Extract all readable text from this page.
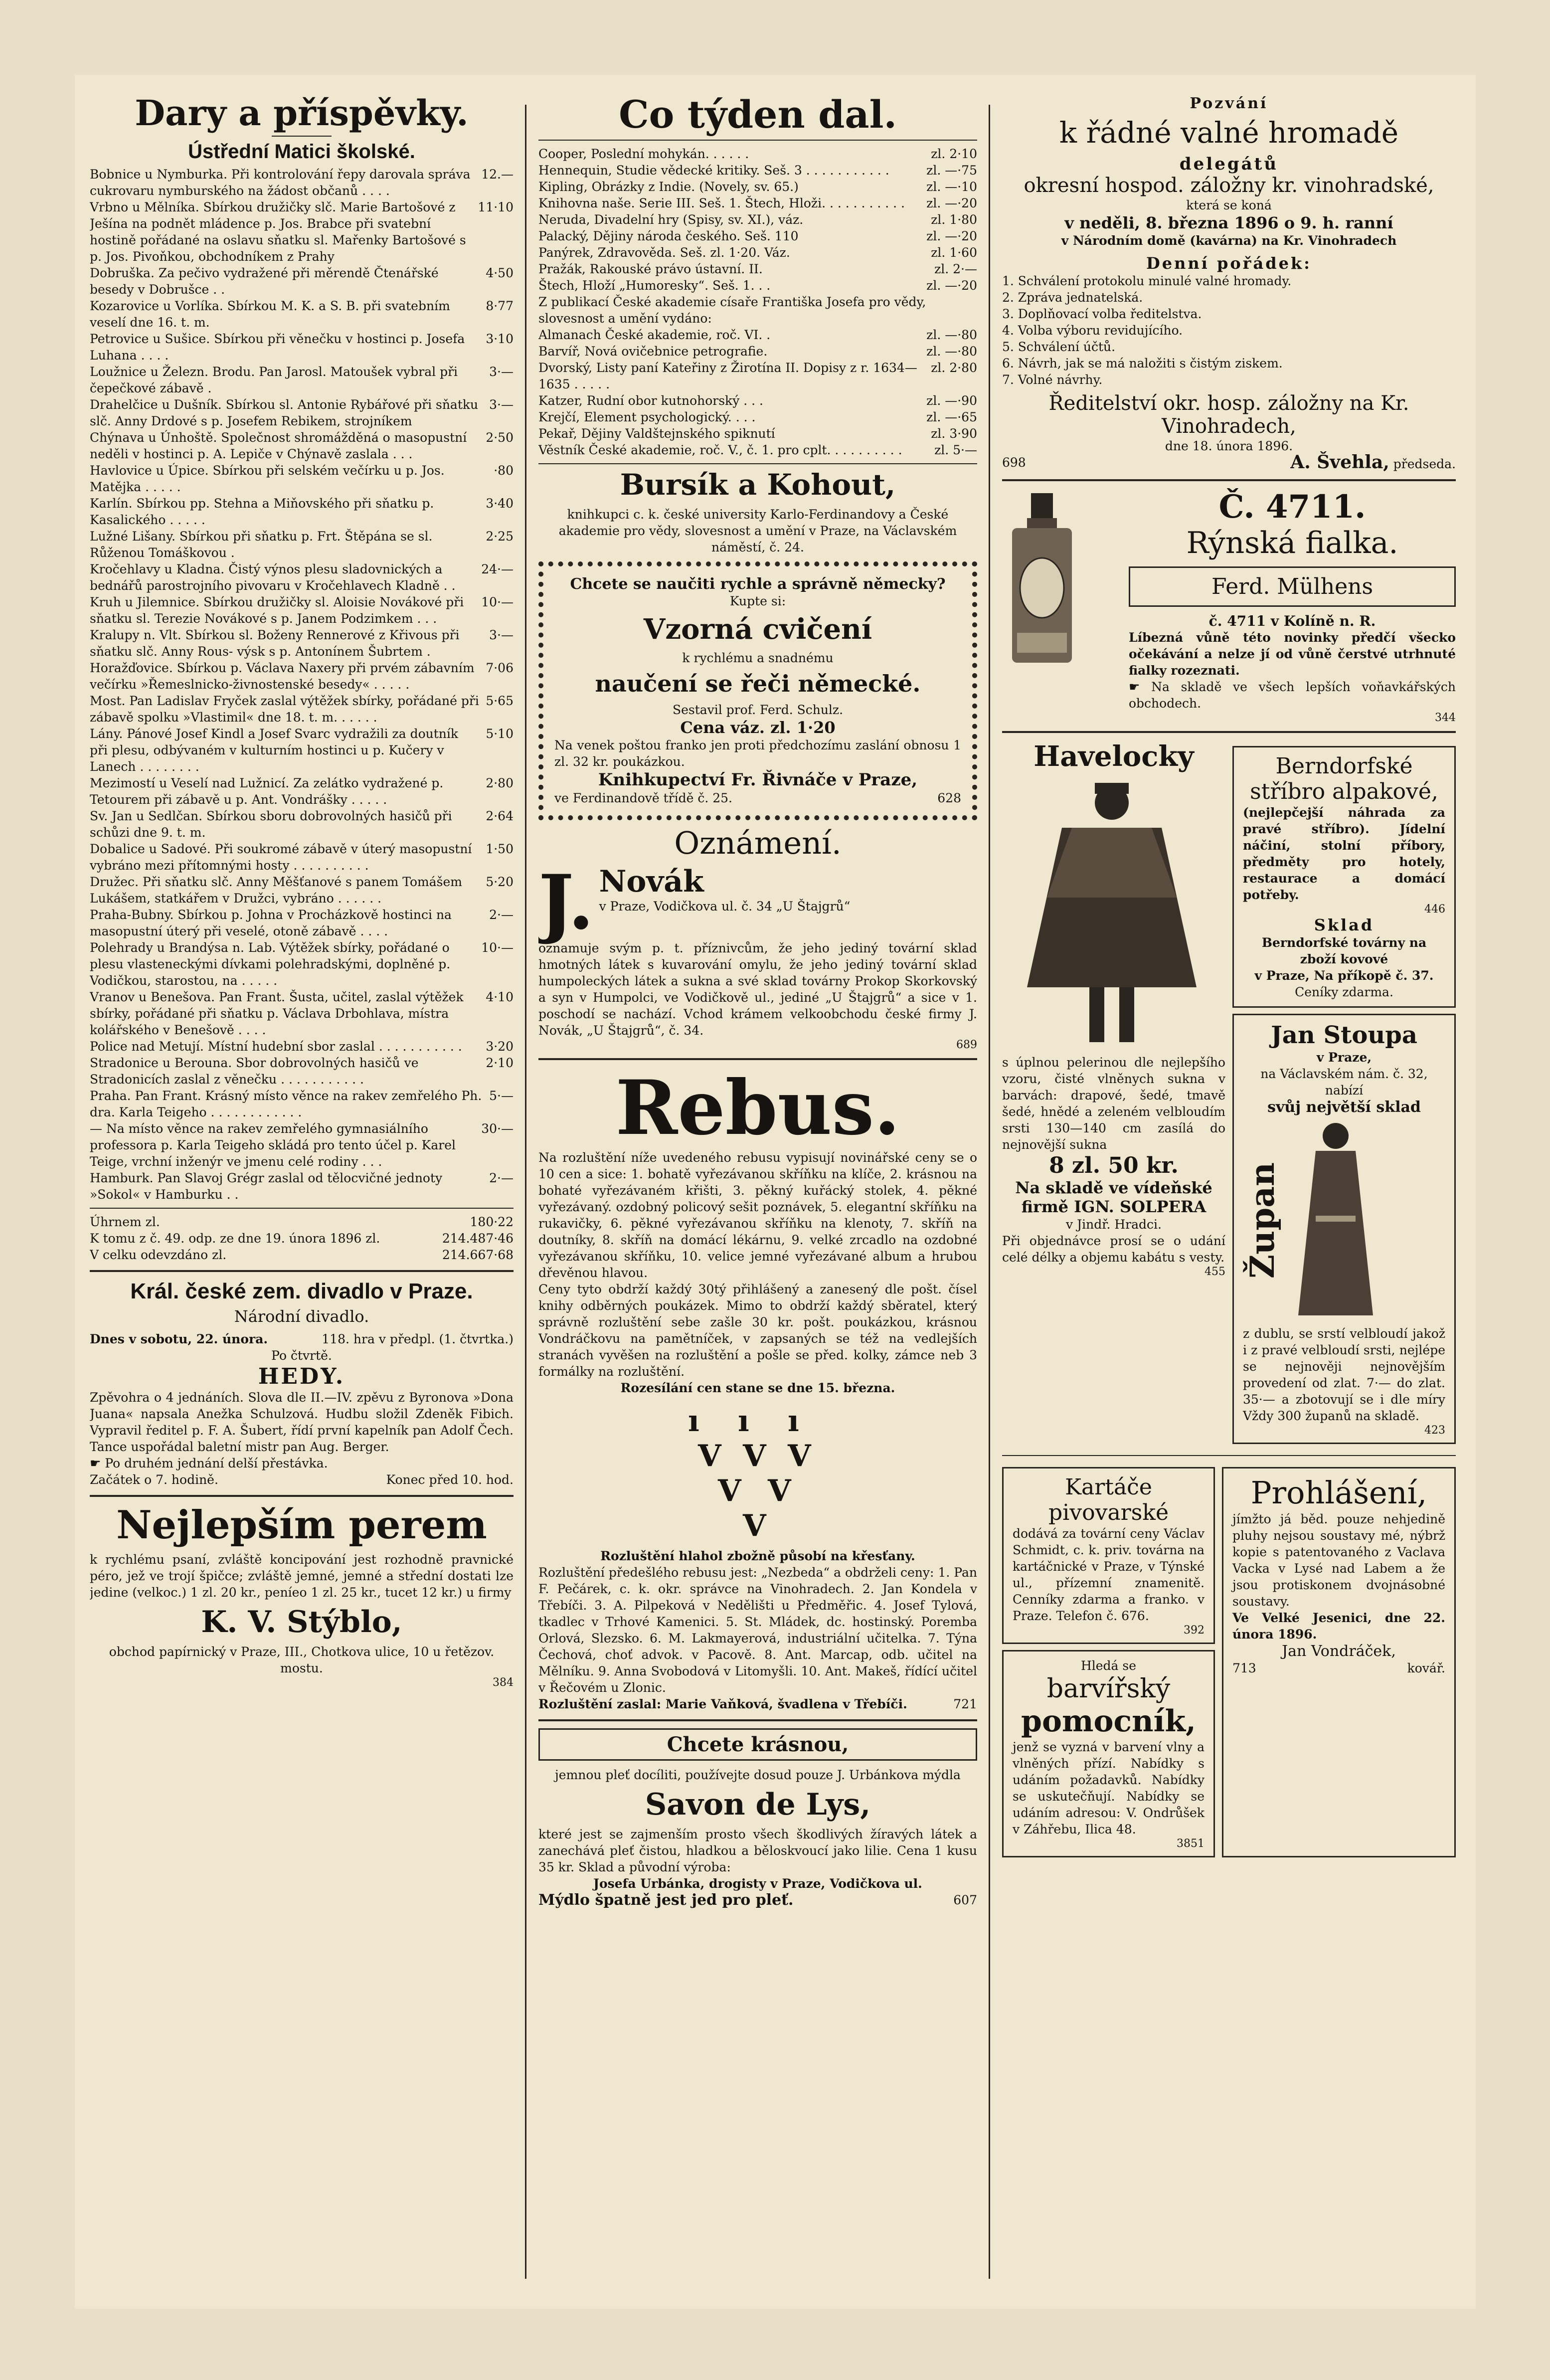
Dary a příspěvky.
Ústřední Matici školské.
Bobnice u Nymburka. Při kontrolování řepy darovala správa cukrovaru nymburského na žádost občanů . . . .
12.—
Vrbno u Mělníka. Sbírkou družičky slč. Marie Bartošové z Ješína na podnět mládence p. Jos. Brabce při svatební hostině pořádané na oslavu sňatku sl. Mařenky Bartošové s p. Jos. Pivoňkou, obchodníkem z Prahy
11·10
Dobruška. Za pečivo vydražené při měrendě Čtenářské besedy v Dobrušce . .
4·50
Kozarovice u Vorlíka. Sbírkou M. K. a S. B. při svatebním veselí dne 16. t. m.
8·77
Petrovice u Sušice. Sbírkou při věnečku v hostinci p. Josefa Luhana . . . .
3·10
Loužnice u Železn. Brodu. Pan Jarosl. Matoušek vybral při čepečkové zábavě .
3·—
Drahelčice u Dušník. Sbírkou sl. Antonie Rybářové při sňatku slč. Anny Drdové s p. Josefem Rebikem, strojníkem
3·—
Chýnava u Únhoště. Společnost shromážděná o masopustní neděli v hostinci p. A. Lepiče v Chýnavě zaslala . . .
2·50
Havlovice u Úpice. Sbírkou při selském večírku u p. Jos. Matějka . . . . .
·80
Karlín. Sbírkou pp. Stehna a Miňovského při sňatku p. Kasalického . . . . .
3·40
Lužné Lišany. Sbírkou při sňatku p. Frt. Štěpána se sl. Růženou Tomáškovou .
2·25
Kročehlavy u Kladna. Čistý výnos plesu sladovnických a bednářů parostrojního pivovaru v Kročehlavech Kladně . .
24·—
Kruh u Jilemnice. Sbírkou družičky sl. Aloisie Novákové při sňatku sl. Terezie Novákové s p. Janem Podzimkem . . .
10·—
Kralupy n. Vlt. Sbírkou sl. Boženy Rennerové z Křivous při sňatku slč. Anny Rous- výsk s p. Antonínem Šubrtem .
3·—
Horažďovice. Sbírkou p. Václava Naxery při prvém zábavním večírku »Řemeslnicko-živnostenské besedy« . . . . .
7·06
Most. Pan Ladislav Fryček zaslal výtěžek sbírky, pořádané při zábavě spolku »Vlastimil« dne 18. t. m. . . . . .
5·65
Lány. Pánové Josef Kindl a Josef Svarc vydražili za doutník při plesu, odbývaném v kulturním hostinci u p. Kučery v Lanech . . . . . . . .
5·10
Mezimostí u Veselí nad Lužnicí. Za zelátko vydražené p. Tetourem při zábavě u p. Ant. Vondrášky . . . . .
2·80
Sv. Jan u Sedlčan. Sbírkou sboru dobrovolných hasičů při schůzi dne 9. t. m.
2·64
Dobalice u Sadové. Při soukromé zábavě v úterý masopustní vybráno mezi přítomnými hosty . . . . . . . . . .
1·50
Družec. Při sňatku slč. Anny Měšťanové s panem Tomášem Lukášem, statkářem v Družci, vybráno . . . . . .
5·20
Praha-Bubny. Sbírkou p. Johna v Procházkově hostinci na masopustní úterý při veselé, otoně zábavě . . . .
2·—
Polehrady u Brandýsa n. Lab. Výtěžek sbírky, pořádané o plesu vlasteneckými dívkami polehradskými, doplněné p. Vodičkou, starostou, na . . . . .
10·—
Vranov u Benešova. Pan Frant. Šusta, učitel, zaslal výtěžek sbírky, pořádané při sňatku p. Václava Drbohlava, místra kolářského v Benešově . . . .
4·10
Police nad Metují. Místní hudební sbor zaslal . . . . . . . . . . .	3·20
Stradonice u Berouna. Sbor dobrovolných hasičů ve Stradonicích zaslal z věnečku . . . . . . . . . . .
2·10
Praha. Pan Frant. Krásný místo věnce na rakev zemřelého Ph. dra. Karla Teigeho . . . . . . . . . . . .
5·—
— Na místo věnce na rakev zemřelého gymnasiálního professora p. Karla Teigeho skládá pro tento účel p. Karel Teige, vrchní inženýr ve jmenu celé rodiny . . .
30·—
Hamburk. Pan Slavoj Grégr zaslal od tělocvičné jednoty »Sokol« v Hamburku . .
2·—
Úhrnem zl.	180·22
K tomu z č. 49. odp. ze dne 19. února 1896 zl.	214.487·46
V celku odevzdáno zl.	214.667·68
Král. české zem. divadlo v Praze.
Národní divadlo.
Dnes v sobotu, 22. února.	118. hra v předpl. (1. čtvrtka.)
Po čtvrtě.
HEDY.

Zpěvohra o 4 jednáních. Slova dle II.—IV. zpěvu z Byronova »Dona Juana« napsala Anežka Schulzová. Hudbu složil Zdeněk Fibich. Vypravil ředitel p. F. A. Šubert, řídí první kapelník pan Adolf Čech. Tance uspořádal baletní mistr pan Aug. Berger.

☛ Po druhém jednání delší přestávka.

Začátek o 7. hodině.	Konec před 10. hod.
Nejlepším perem

k rychlému psaní, zvláště koncipování jest rozhodně pravnické péro, jež ve trojí špičce; zvláště jemné, jemné a střední dostati lze jedine (velkoc.) 1 zl. 20 kr., peníeo 1 zl. 25 kr., tucet 12 kr.) u firmy

K. V. Stýblo,

obchod papírnický v Praze, III., Chotkova ulice, 10 u řetězov. mostu.

384
Co týden dal.
Cooper, Poslední mohykán. . . . . .	zl. 2·10
Hennequin, Studie vědecké kritiky. Seš. 3 . . . . . . . . . . .	zl. —·75
Kipling, Obrázky z Indie. (Novely, sv. 65.)	zl. —·10
Knihovna naše. Serie III. Seš. 1. Štech, Hloži. . . . . . . . . . .	zl. —·20
Neruda, Divadelní hry (Spisy, sv. XI.), váz.	zl. 1·80
Palacký, Dějiny národa českého. Seš. 110	zl. —·20
Panýrek, Zdravověda. Seš. zl. 1·20. Váz.	zl. 1·60
Pražák, Rakouské právo ústavní. II.	zl. 2·—
Štech, Hloží „Humoresky“. Seš. 1. . .	zl. —·20
Z publikací České akademie císaře Františka Josefa pro vědy, slovesnost a umění vydáno:
Almanach České akademie, roč. VI. .	zl. —·80
Barvíř, Nová ovičebnice petrografie.	zl. —·80
Dvorský, Listy paní Kateřiny z Žirotína II. Dopisy z r. 1634—1635 . . . . .
zl. 2·80
Katzer, Rudní obor kutnohorský . . .	zl. —·90
Krejčí, Element psychologický. . . .	zl. —·65
Pekař, Dějiny Valdštejnského spiknutí	zl. 3·90
Věstník České akademie, roč. V., č. 1. pro cplt. . . . . . . . . .	zl. 5·—
Bursík a Kohout,

knihkupci c. k. české university Karlo-Ferdinandovy a České akademie pro vědy, slovesnost a umění v Praze, na Václavském náměstí, č. 24.

Chcete se naučiti rychle a správně německy?
Kupte si:
Vzorná cvičení
k rychlému a snadnému
naučení se řeči německé.
Sestavil prof. Ferd. Schulz.
Cena váz. zl. 1·20

Na venek poštou franko jen proti předchozímu zaslání obnosu 1 zl. 32 kr. poukázkou.

Knihkupectví Fr. Řivnáče v Praze,
ve Ferdinandově třídě č. 25.	628
Oznámení.
J. Novák

v Praze, Vodičkova ul. č. 34 „U Štajgrů“

oznamuje svým p. t. příznivcům, že jeho jediný tovární sklad hmotných látek s kuvarování omylu, že jeho jediný tovární sklad humpoleckých látek a sukna a své sklad továrny Prokop Skorkovský a syn v Humpolci, ve Vodičkově ul., jediné „U Štajgrů“ a sice v 1. poschodí se nachází. Vchod krámem velkoobchodu české firmy J. Novák, „U Štajgrů“, č. 34.

689
Rebus.

Na rozluštění níže uvedeného rebusu vypisují novinářské ceny se o 10 cen a sice: 1. bohatě vyřezávanou skříňku na klíče, 2. krásnou na bohaté vyřezávaném křišti, 3. pěkný kuřácký stolek, 4. pěkné vyřezávaný. ozdobný policový sešit poznávek, 5. elegantní skříňku na rukavičky, 6. pěkné vyřezávanou skříňku na klenoty, 7. skříň na doutníky, 8. skříň na domácí lékárnu, 9. velké zrcadlo na ozdobné vyřezávanou skříňku, 10. velice jemné vyřezávané album a hrubou dřevěnou hlavou.

Ceny tyto obdrží každý 30tý přihlášený a zanesený dle pošt. čísel knihy odběrných poukázek. Mimo to obdrží každý sběratel, který správně rozluštění sebe zašle 30 kr. pošt. poukázkou, krásnou Vondráčkovu na pamětníček, v zapsaných se též na vedlejších stranách vyvěšen na rozluštění a pošle se před. kolky, zámce neb 3 formálky na rozluštění.

Rozesílání cen stane se dne 15. března.

ı ı ı
V V V
V V
V

Rozluštění hlahol zbožně působí na křesťany.

Rozluštění předešlého rebusu jest: „Nezbeda“ a obdrželi ceny: 1. Pan F. Pečárek, c. k. okr. správce na Vinohradech. 2. Jan Kondela v Třebíči. 3. A. Pilpeková v Nedělišti u Předměřic. 4. Josef Tylová, tkadlec v Trhové Kamenici. 5. St. Mládek, dc. hostinský. Poremba Orlová, Slezsko. 6. M. Lakmayerová, industriální učitelka. 7. Týna Čechová, choť advok. v Pacově. 8. Ant. Marcap, odb. učitel na Mělníku. 9. Anna Svobodová v Litomyšli. 10. Ant. Makeš, řídící učitel v Řečovém u Zlonic.

Rozluštění zaslal: Marie Vaňková, švadlena v Třebíči.	721
Chcete krásnou,

jemnou pleť docíliti, používejte dosud pouze J. Urbánkova mýdla

Savon de Lys,

které jest se zajmenším prosto všech škodlivých žíravých látek a zanechává pleť čistou, hladkou a běloskvoucí jako lilie. Cena 1 kusu 35 kr. Sklad a původní výroba:

Josefa Urbánka, drogisty v Praze, Vodičkova ul.

Mýdlo špatně jest jed pro pleť.	607
Pozvání
k řádné valné hromadě
delegátů
okresní hospod. záložny kr. vinohradské,
která se koná
v neděli, 8. března 1896 o 9. h. ranní
v Národním domě (kavárna) na Kr. Vinohradech
Denní pořádek:

1. Schválení protokolu minulé valné hromady.

2. Zpráva jednatelská.

3. Doplňovací volba ředitelstva.

4. Volba výboru revidujícího.

5. Schválení účtů.

6. Návrh, jak se má naložiti s čistým ziskem.

7. Volné návrhy.

Ředitelství okr. hosp. záložny na Kr. Vinohradech,
dne 18. února 1896.
698	A. Švehla, předseda.
Č. 4711.
Rýnská fialka.
Ferd. Mülhens
č. 4711 v Kolíně n. R.

Líbezná vůně této novinky předčí všecko očekávání a nelze jí od vůně čerstvé utrhnuté fialky rozeznati.

☛ Na skladě ve všech lepších voňavkářských obchodech.

344
Havelocky

s úplnou pelerinou dle nejlepšího vzoru, čisté vlněnych sukna v barvách: drapové, šedé, tmavě šedé, hnědé a zeleném velbloudím srsti 130—140 cm zasílá do nejnovější sukna

8 zl. 50 kr.
Na skladě ve vídeňské firmě IGN. SOLPERA
v Jindř. Hradci.

Při objednávce prosí se o udání celé délky a objemu kabátu s vesty.

455
Berndorfské stříbro alpakové,

(nejlepčejší náhrada za pravé stříbro). Jídelní náčiní, stolní příbory, předměty pro hotely, restaurace a domácí potřeby.

446
Sklad
Berndorfské továrny na zboží kovové
v Praze, Na příkopě č. 37.
Ceníky zdarma.
Jan Stoupa
v Praze,
na Václavském nám. č. 32,
nabízí
svůj největší sklad
Župan

z dublu, se srstí velbloudí jakož i z pravé velbloudí srsti, nejlépe se nejnověji nejnovějším provedení od zlat. 7·— do zlat. 35·— a zbotovují se i dle míry Vždy 300 županů na skladě.

423
Kartáče pivovarské

dodává za tovární ceny Václav Schmidt, c. k. priv. továrna na kartáčnické v Praze, v Týnské ul., přízemní znamenitě. Cenníky zdarma a franko. v Praze. Telefon č. 676.

392
Hledá se
barvířský
pomocník,

jenž se vyzná v barvení vlny a vlněných přízí. Nabídky s udáním požadavků. Nabídky se uskutečňují. Nabídky se udáním adresou: V. Ondrůšek v Záhřebu, Ilica 48.

3851
Prohlášení,

jímžto já běd. pouze nehjedině pluhy nejsou soustavy mé, nýbrž kopie s patentovaného z Vaclava Vacka v Lysé nad Labem a že jsou protiskonem dvojnásobné soustavy.

Ve Velké Jesenici, dne 22. února 1896.

Jan Vondráček,
713	kovář.
